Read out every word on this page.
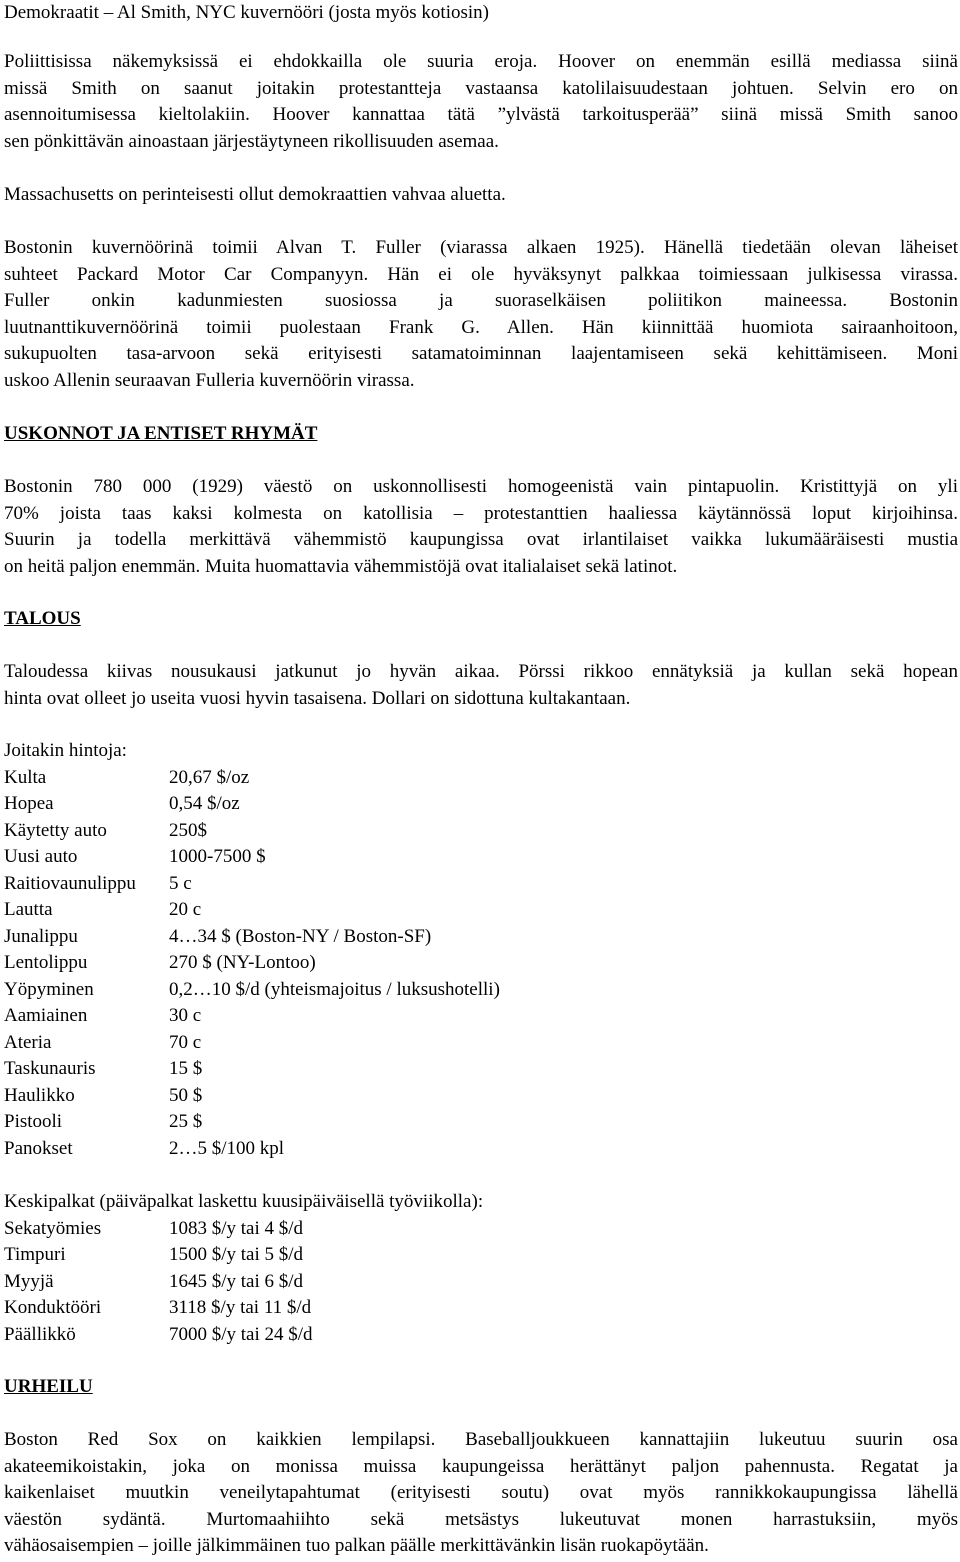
Demokraatit – Al Smith, NYC kuvernööri (josta myös kotiosin)
Poliittisissa näkemyksissä ei ehdokkailla ole suuria eroja. Hoover on enemmän esillä mediassa siinä
missä Smith on saanut joitakin protestantteja vastaansa katolilaisuudestaan johtuen. Selvin ero on
asennoitumisessa kieltolakiin. Hoover kannattaa tätä ”ylvästä tarkoitusperää” siinä missä Smith sanoo
sen pönkittävän ainoastaan järjestäytyneen rikollisuuden asemaa.
Massachusetts on perinteisesti ollut demokraattien vahvaa aluetta.
Bostonin kuvernöörinä toimii Alvan T. Fuller (viarassa alkaen 1925). Hänellä tiedetään olevan läheiset
suhteet Packard Motor Car Companyyn. Hän ei ole hyväksynyt palkkaa toimiessaan julkisessa virassa.
Fuller onkin kadunmiesten suosiossa ja suoraselkäisen poliitikon maineessa. Bostonin
luutnanttikuvernöörinä toimii puolestaan Frank G. Allen. Hän kiinnittää huomiota sairaanhoitoon,
sukupuolten tasa-arvoon sekä erityisesti satamatoiminnan laajentamiseen sekä kehittämiseen. Moni
uskoo Allenin seuraavan Fulleria kuvernöörin virassa.
USKONNOT JA ENTISET RHYMÄT
Bostonin 780 000 (1929) väestö on uskonnollisesti homogeenistä vain pintapuolin. Kristittyjä on yli
70% joista taas kaksi kolmesta on katollisia – protestanttien haaliessa käytännössä loput kirjoihinsa.
Suurin ja todella merkittävä vähemmistö kaupungissa ovat irlantilaiset vaikka lukumääräisesti mustia
on heitä paljon enemmän. Muita huomattavia vähemmistöjä ovat italialaiset sekä latinot.
TALOUS
Taloudessa kiivas nousukausi jatkunut jo hyvän aikaa. Pörssi rikkoo ennätyksiä ja kullan sekä hopean
hinta ovat olleet jo useita vuosi hyvin tasaisena. Dollari on sidottuna kultakantaan.
Joitakin hintoja:
Kulta	20,67 $/oz
Hopea	0,54 $/oz
Käytetty auto	250$
Uusi auto	1000-7500 $
Raitiovaunulippu	5 c
Lautta	20 c
Junalippu	4…34 $ (Boston-NY / Boston-SF)
Lentolippu	270 $ (NY-Lontoo)
Yöpyminen	0,2…10 $/d (yhteismajoitus / luksushotelli)
Aamiainen	30 c
Ateria	70 c
Taskunauris	15 $
Haulikko	50 $
Pistooli	25 $
Panokset	2…5 $/100 kpl
Keskipalkat (päiväpalkat laskettu kuusipäiväisellä työviikolla):
Sekatyömies	1083 $/y tai 4 $/d
Timpuri	1500 $/y tai 5 $/d
Myyjä	1645 $/y tai 6 $/d
Konduktööri	3118 $/y tai 11 $/d
Päällikkö	7000 $/y tai 24 $/d
URHEILU
Boston Red Sox on kaikkien lempilapsi. Baseballjoukkueen kannattajiin lukeutuu suurin osa
akateemikoistakin, joka on monissa muissa kaupungeissa herättänyt paljon pahennusta. Regatat ja
kaikenlaiset muutkin veneilytapahtumat (erityisesti soutu) ovat myös rannikkokaupungissa lähellä
väestön sydäntä. Murtomaahiihto sekä metsästys lukeutuvat monen harrastuksiin, myös
vähäosaisempien – joille jälkimmäinen tuo palkan päälle merkittävänkin lisän ruokapöytään.
